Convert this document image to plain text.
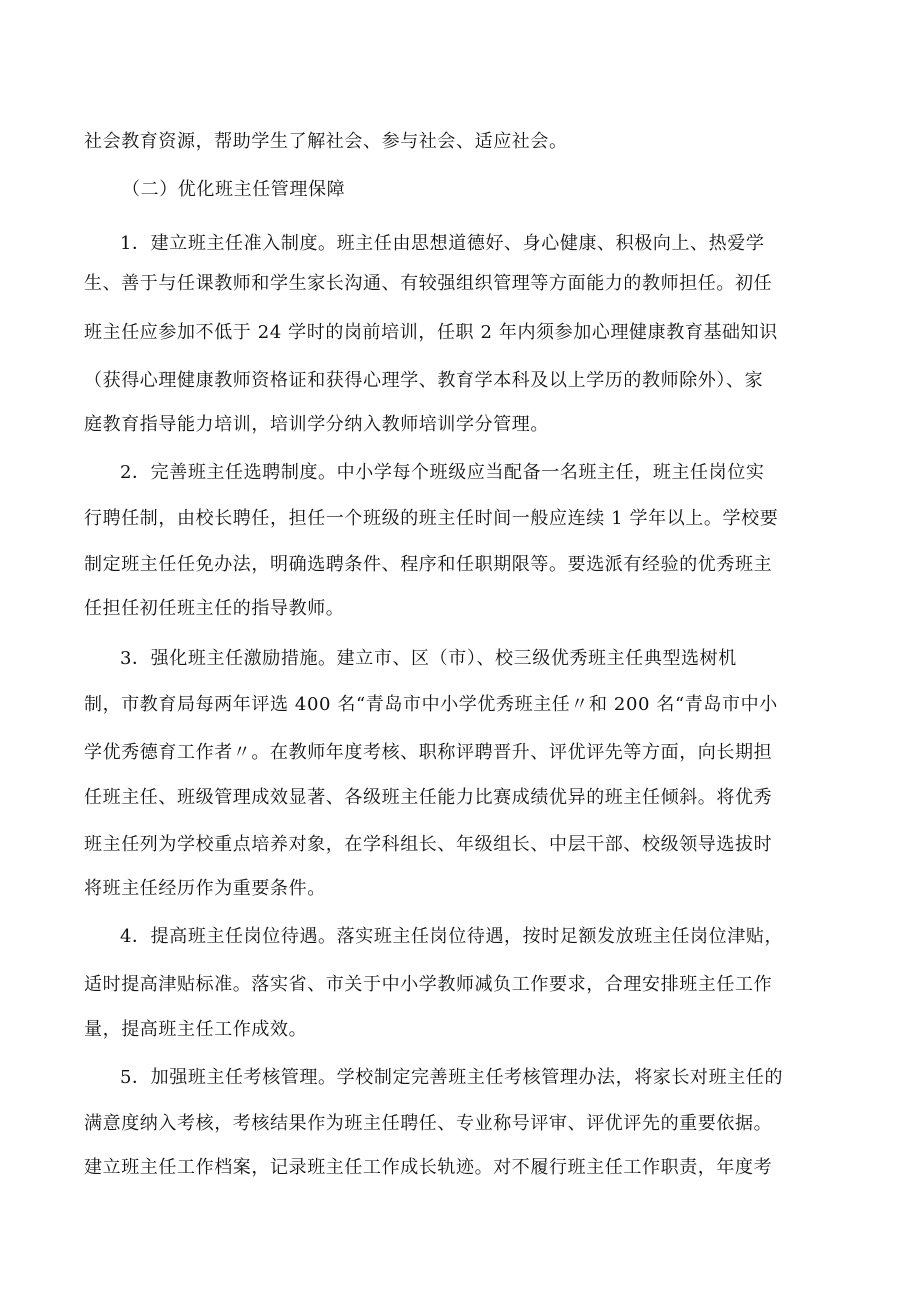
社会教育资源，帮助学生了解社会、参与社会、适应社会。
（二）优化班主任管理保障
1．建立班主任准入制度。班主任由思想道德好、身心健康、积极向上、热爱学
生、善于与任课教师和学生家长沟通、有较强组织管理等方面能力的教师担任。初任
班主任应参加不低于 24 学时的岗前培训，任职 2 年内须参加心理健康教育基础知识
（获得心理健康教师资格证和获得心理学、教育学本科及以上学历的教师除外）、家
庭教育指导能力培训，培训学分纳入教师培训学分管理。
2．完善班主任选聘制度。中小学每个班级应当配备一名班主任，班主任岗位实
行聘任制，由校长聘任，担任一个班级的班主任时间一般应连续 1 学年以上。学校要
制定班主任任免办法，明确选聘条件、程序和任职期限等。要选派有经验的优秀班主
任担任初任班主任的指导教师。
3．强化班主任激励措施。建立市、区（市）、校三级优秀班主任典型选树机
制，市教育局每两年评选 400 名“青岛市中小学优秀班主任〃和 200 名“青岛市中小
学优秀德育工作者〃。在教师年度考核、职称评聘晋升、评优评先等方面，向长期担
任班主任、班级管理成效显著、各级班主任能力比赛成绩优异的班主任倾斜。将优秀
班主任列为学校重点培养对象，在学科组长、年级组长、中层干部、校级领导选拔时
将班主任经历作为重要条件。
4．提高班主任岗位待遇。落实班主任岗位待遇，按时足额发放班主任岗位津贴，
适时提高津贴标准。落实省、市关于中小学教师减负工作要求，合理安排班主任工作
量，提高班主任工作成效。
5．加强班主任考核管理。学校制定完善班主任考核管理办法，将家长对班主任的
满意度纳入考核，考核结果作为班主任聘任、专业称号评审、评优评先的重要依据。
建立班主任工作档案，记录班主任工作成长轨迹。对不履行班主任工作职责，年度考
